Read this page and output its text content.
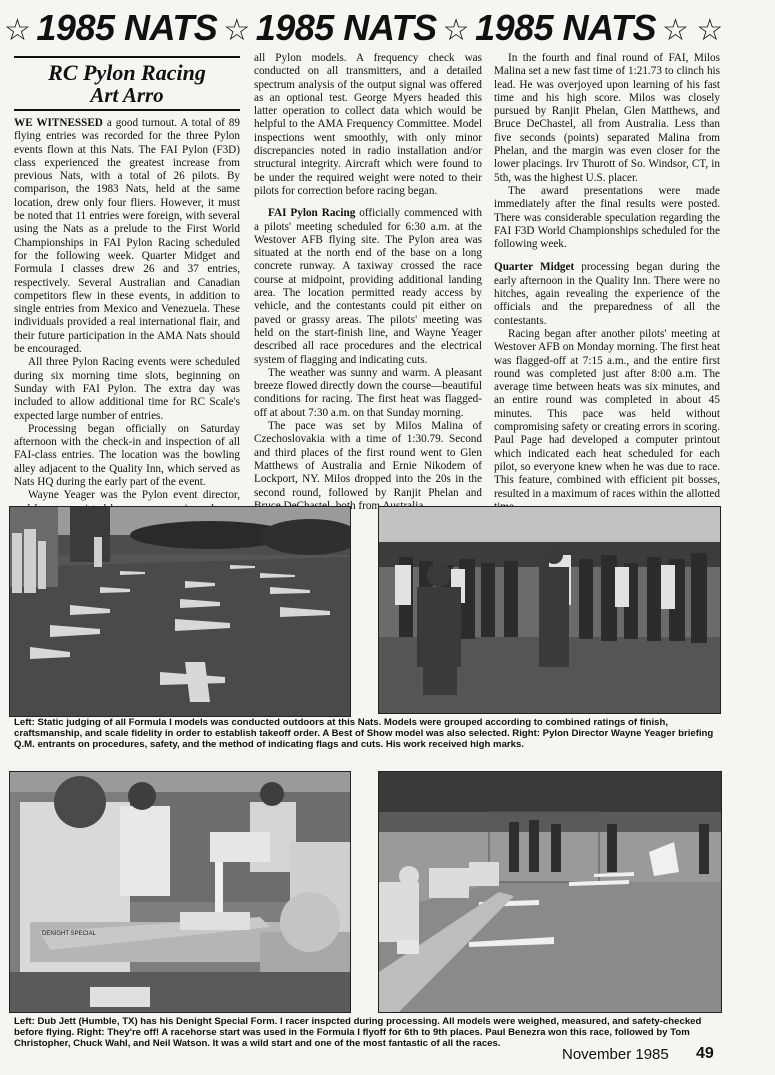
☆ 1985 NATS ☆ 1985 NATS ☆ 1985 NATS ☆ ☆
RC Pylon Racing
Art Arro

WE WITNESSED a good turnout. A total of 89 flying entries was recorded for the three Pylon events flown at this Nats. The FAI Pylon (F3D) class experienced the greatest increase from previous Nats, with a total of 26 pilots. By comparison, the 1983 Nats, held at the same location, drew only four fliers. However, it must be noted that 11 entries were foreign, with several using the Nats as a prelude to the First World Championships in FAI Pylon Racing scheduled for the following week. Quarter Midget and Formula I classes drew 26 and 37 entries, respectively. Several Australian and Canadian competitors flew in these events, in addition to single entries from Mexico and Venezuela. These individuals provided a real international flair, and their future participation in the AMA Nats should be encouraged.

All three Pylon Racing events were scheduled during six morning time slots, beginning on Sunday with FAI Pylon. The extra day was included to allow additional time for RC Scale's expected large number of entries.

Processing began officially on Saturday afternoon with the check-in and inspection of all FAI-class entries. The location was the bowling alley adjacent to the Quality Inn, which served as Nats HQ during the early part of the event.

Wayne Yeager was the Pylon event director,

all Pylon models. A frequency check was conducted on all transmitters, and a detailed spectrum analysis of the output signal was offered as an optional test. George Myers headed this latter operation to collect data which would be helpful to the AMA Frequency Committee. Model inspections went smoothly, with only minor discrepancies noted in radio installation and/or structural integrity. Aircraft which were found to be under the required weight were noted to their pilots for correction before racing began.

FAI Pylon Racing officially commenced with a pilots' meeting scheduled for 6:30 a.m. at the Westover AFB flying site. The Pylon area was situated at the north end of the base on a long concrete runway. A taxiway crossed the race course at midpoint, providing additional landing area. The location permitted ready access by vehicle, and the contestants could pit either on paved or grassy areas. The pilots' meeting was held on the start-finish line, and Wayne Yeager described all race procedures and the electrical system of flagging and indicating cuts.

The weather was sunny and warm. A pleasant breeze flowed directly down the course—beautiful conditions for racing. The first heat was flagged-off at about 7:30 a.m. on that Sunday morning.

The pace was set by Milos Malina of Czechoslovakia with a time of 1:30.79. Second and third places of the first round went to Glen Matthews of Australia and Ernie Nikodem of Lockport, NY. Milos dropped into the 20s in the second round, followed by Ranjit Phelan and from

In the fourth and final round of FAI, Milos Malina set a new fast time of 1:21.73 to clinch his lead. He was overjoyed upon learning of his fast time and his high score. Milos was closely pursued by Ranjit Phelan, Glen Matthews, and Bruce DeChastel, all from Australia. Less than five seconds (points) separated Malina from Phelan, and the margin was even closer for the lower placings. Irv Thurott of So. Windsor, CT, in 5th, was the highest U.S. placer.

The award presentations were made immediately after the final results were posted. There was considerable speculation regarding the FAI F3D World Championships scheduled for the following week.

Quarter Midget processing began during the early afternoon in the Quality Inn. There were no hitches, again revealing the experience of the officials and the preparedness of all the contestants.

Racing began after another pilots' meeting at Westover AFB on Monday morning. The first heat was flagged-off at 7:15 a.m., and the entire first round was completed just after 8:00 a.m. The average time between heats was six minutes, and an entire round was completed in about 45 minutes. This pace was held without compromising safety or creating errors in scoring. Paul Page had developed a computer printout which indicated each heat scheduled for each pilot, so everyone knew when he was due to race. This feature, combined with efficient pit bosses, resulted in a maximum of races within the allotted

Left: Static judging of all Formula I models was conducted outdoors at this Nats. Models were grouped according to combined ratings of finish, craftsmanship, and scale fidelity in order to establish takeoff order. A Best of Show model was also selected. Right: Pylon Director Wayne Yeager briefing Q.M. entrants on procedures, safety, and the method of indicating flags and cuts. His work received high marks.
DENIGHT SPECIAL
Left: Dub Jett (Humble, TX) has his Denight Special Form. I racer inspcted during processing. All models were weighed, measured, and safety-checked before flying. Right: They're off! A racehorse start was used in the Formula I flyoff for 6th to 9th places. Paul Benezra won this race, followed by Tom Christopher, Chuck Wahl, and Neil Watson. It was a wild start and one of the most fantastic of all the races.
November 1985 49
